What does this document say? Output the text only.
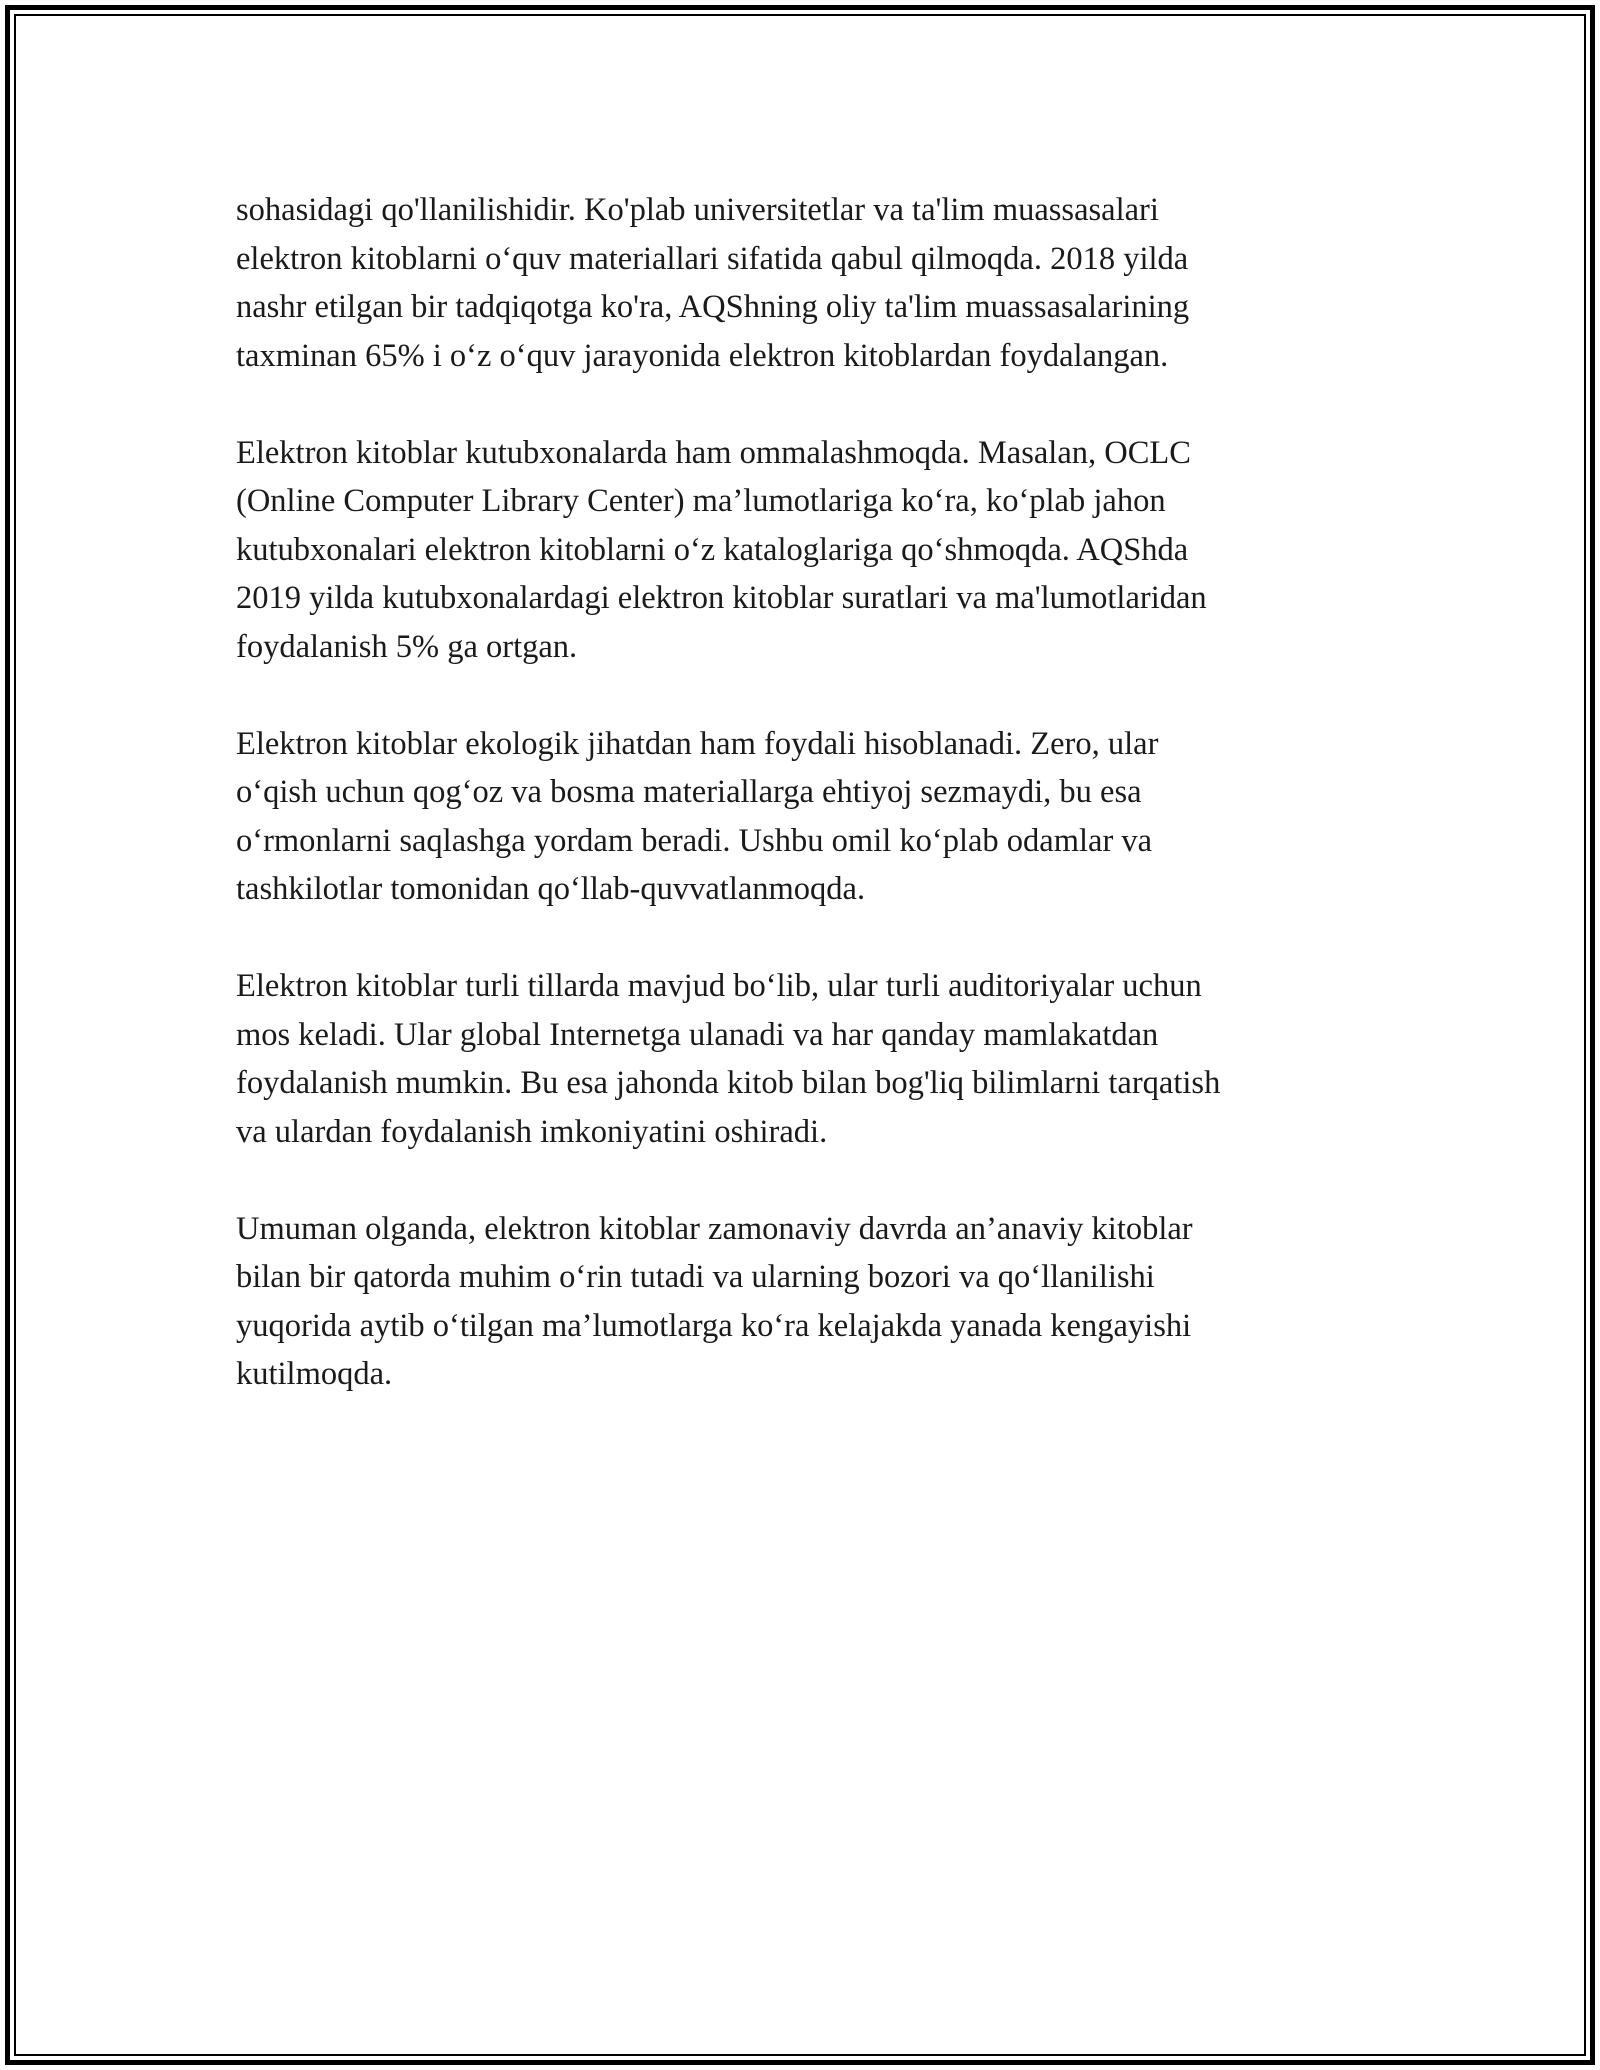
sohasidagi qo'llanilishidir. Ko'plab universitetlar va ta'lim muassasalari
elektron kitoblarni o‘quv materiallari sifatida qabul qilmoqda. 2018 yilda
nashr etilgan bir tadqiqotga ko'ra, AQShning oliy ta'lim muassasalarining
taxminan 65% i o‘z o‘quv jarayonida elektron kitoblardan foydalangan.

Elektron kitoblar kutubxonalarda ham ommalashmoqda. Masalan, OCLC
(Online Computer Library Center) ma’lumotlariga ko‘ra, ko‘plab jahon
kutubxonalari elektron kitoblarni o‘z kataloglariga qo‘shmoqda. AQShda
2019 yilda kutubxonalardagi elektron kitoblar suratlari va ma'lumotlaridan
foydalanish 5% ga ortgan.

Elektron kitoblar ekologik jihatdan ham foydali hisoblanadi. Zero, ular
o‘qish uchun qog‘oz va bosma materiallarga ehtiyoj sezmaydi, bu esa
o‘rmonlarni saqlashga yordam beradi. Ushbu omil ko‘plab odamlar va
tashkilotlar tomonidan qo‘llab-quvvatlanmoqda.

Elektron kitoblar turli tillarda mavjud bo‘lib, ular turli auditoriyalar uchun
mos keladi. Ular global Internetga ulanadi va har qanday mamlakatdan
foydalanish mumkin. Bu esa jahonda kitob bilan bog'liq bilimlarni tarqatish
va ulardan foydalanish imkoniyatini oshiradi.

Umuman olganda, elektron kitoblar zamonaviy davrda an’anaviy kitoblar
bilan bir qatorda muhim o‘rin tutadi va ularning bozori va qo‘llanilishi
yuqorida aytib o‘tilgan ma’lumotlarga ko‘ra kelajakda yanada kengayishi
kutilmoqda.
